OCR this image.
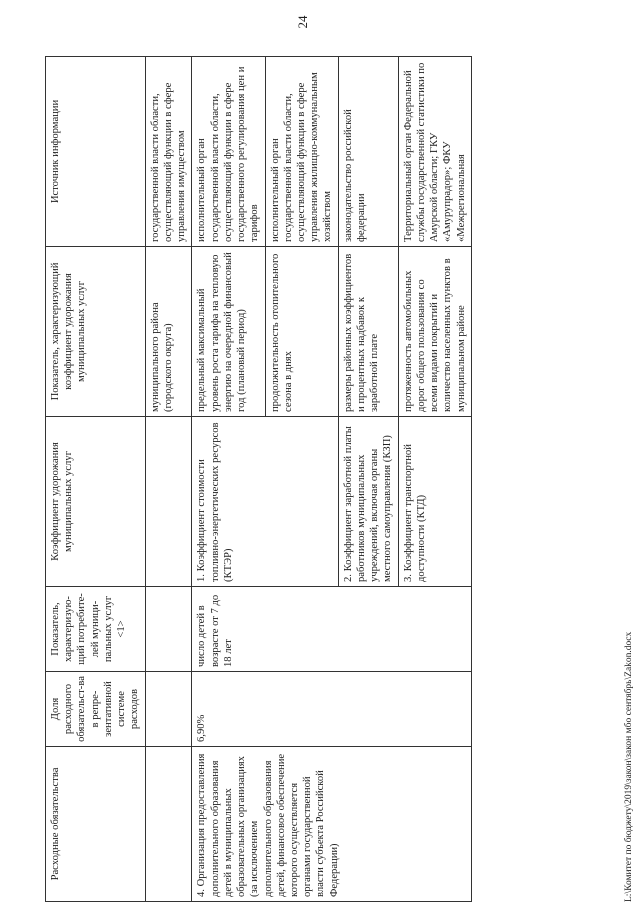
24
Расходные обязательства	Доля расходного обязательст-ва в репре-зентативной системе расходов	Показатель, характеризую-щий потребите-лей муници-пальных услуг <1>	Коэффициент удорожания муниципальных услуг	Показатель, характеризующий коэффициент удорожания муниципальных услуг	Источник информации
				муниципального района (городского округа)	государственной власти области, осуществляющий функции в сфере управления имуществом
4. Организация предоставления дополнительного образования детей в муниципальных образовательных организациях (за исключением дополнительного образования детей, финансовое обеспечение которого осуществляется органами государственной власти субъекта Российской Федерации)	6,90%	число детей в возрасте от 7 до 18 лет	1. Коэффициент стоимости топливно-энергетических ресурсов (КТЭР)	предельный максимальный уровень роста тарифа на тепловую энергию на очередной финансовый год (плановый период)	исполнительный орган государственной власти области, осуществляющий функции в сфере государственного регулирования цен и тарифов
				продолжительность отопительного сезона в днях	исполнительный орган государственной власти области, осуществляющий функции в сфере управления жилищно-коммунальным хозяйством
			2. Коэффициент заработной платы работников муниципальных учреждений, включая органы местного самоуправления (КЗП)	размеры районных коэффициентов и процентных надбавок к заработной плате	законодательство российской федерации
			3. Коэффициент транспортной доступности (КТД)	протяженность автомобильных дорог общего пользования со всеми видами покрытий и количество населенных пунктов в муниципальном районе	Территориальный орган Федеральной службы государственной статистики по Амурской области; ГКУ «Амурупрадор»; ФКУ «Межрегиональная
L:\Комитет по бюджету\2019\закон\закон мбо сентябрь\Zakon.docx
